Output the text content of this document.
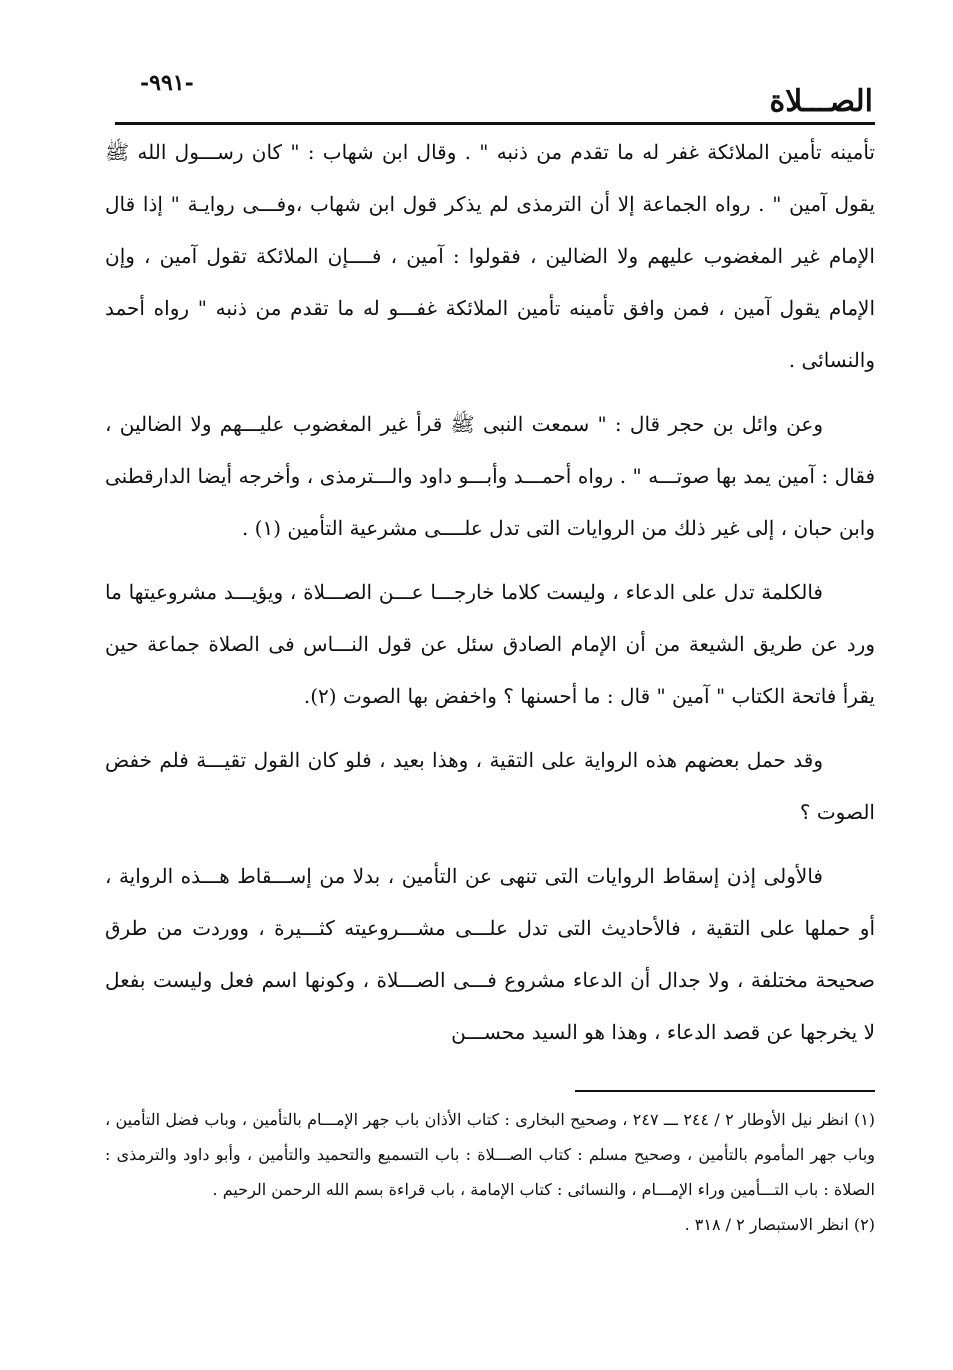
-٩٩١-
الصـــلاة

تأمينه تأمين الملائكة غفر له ما تقدم من ذنبه " . وقال ابن شهاب : " كان رســـول الله ﷺ يقول آمين " . رواه الجماعة إلا أن الترمذى لم يذكر قول ابن شهاب ،وفـــى روايـة " إذا قال الإمام غير المغضوب عليهم ولا الضالين ، فقولوا : آمين ، فــــإن الملائكة تقول آمين ، وإن الإمام يقول آمين ، فمن وافق تأمينه تأمين الملائكة غفـــو له ما تقدم من ذنبه " رواه أحمد والنسائى .

وعن وائل بن حجر قال : " سمعت النبى ﷺ قرأ غير المغضوب عليـــهم ولا الضالين ، فقال : آمين يمد بها صوتـــه " . رواه أحمـــد وأبـــو داود والـــترمذى ، وأخرجه أيضا الدارقطنى وابن حبان ، إلى غير ذلك من الروايات التى تدل علــــى مشرعية التأمين (١) .

فالكلمة تدل على الدعاء ، وليست كلاما خارجـــا عـــن الصـــلاة ، ويؤيـــد مشروعيتها ما ورد عن طريق الشيعة من أن الإمام الصادق سئل عن قول النـــاس فى الصلاة جماعة حين يقرأ فاتحة الكتاب " آمين " قال : ما أحسنها ؟ واخفض بها الصوت (٢).

وقد حمل بعضهم هذه الرواية على التقية ، وهذا بعيد ، فلو كان القول تقيـــة فلم خفض الصوت ؟

فالأولى إذن إسقاط الروايات التى تنهى عن التأمين ، بدلا من إســـقاط هـــذه الرواية ، أو حملها على التقية ، فالأحاديث التى تدل علـــى مشـــروعيته كثـــيرة ، ووردت من طرق صحيحة مختلفة ، ولا جدال أن الدعاء مشروع فـــى الصـــلاة ، وكونها اسم فعل وليست بفعل لا يخرجها عن قصد الدعاء ، وهذا هو السيد محســـن

(١) انظر نيل الأوطار ٢ / ٢٤٤ ـــ ٢٤٧ ، وصحيح البخارى : كتاب الأذان باب جهر الإمـــام بالتأمين ، وباب فضل التأمين ، وباب جهر المأموم بالتأمين ، وصحيح مسلم : كتاب الصـــلاة : باب التسميع والتحميد والتأمين ، وأبو داود والترمذى : الصلاة : باب التـــأمين وراء الإمـــام ، والنسائى : كتاب الإمامة ، باب قراءة بسم الله الرحمن الرحيم .

(٢) انظر الاستبصار ٢ / ٣١٨ .
